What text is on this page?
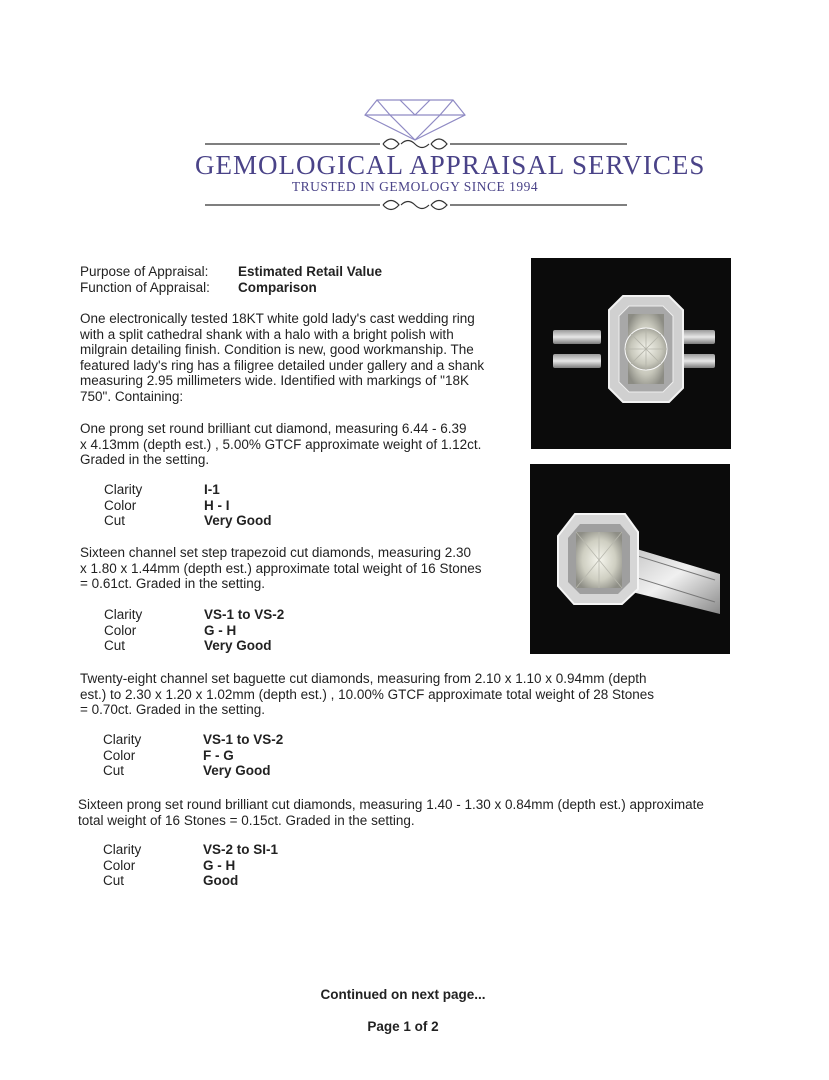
GEMOLOGICAL APPRAISAL SERVICES
TRUSTED IN GEMOLOGY SINCE 1994
Purpose of Appraisal:	Estimated Retail Value
Function of Appraisal:	Comparison
One electronically tested 18KT white gold lady's cast wedding ring
with a split cathedral shank with a halo with a bright polish with
milgrain detailing finish. Condition is new, good workmanship. The
featured lady's ring has a filigree detailed under gallery and a shank
measuring 2.95 millimeters wide. Identified with markings of "18K
750". Containing:
One prong set round brilliant cut diamond, measuring 6.44 - 6.39
x 4.13mm (depth est.) , 5.00% GTCF approximate weight of 1.12ct.
Graded in the setting.
Clarity	I-1
Color	H - I
Cut	Very Good
Sixteen channel set step trapezoid cut diamonds, measuring 2.30
x 1.80 x 1.44mm (depth est.) approximate total weight of 16 Stones
= 0.61ct. Graded in the setting.
Clarity	VS-1 to VS-2
Color	G - H
Cut	Very Good
Twenty-eight channel set baguette cut diamonds, measuring from 2.10 x 1.10 x 0.94mm (depth
est.) to 2.30 x 1.20 x 1.02mm (depth est.) , 10.00% GTCF approximate total weight of 28 Stones
= 0.70ct. Graded in the setting.
Clarity	VS-1 to VS-2
Color	F - G
Cut	Very Good
Sixteen prong set round brilliant cut diamonds, measuring 1.40 - 1.30 x 0.84mm (depth est.) approximate
total weight of 16 Stones = 0.15ct. Graded in the setting.
Clarity	VS-2 to SI-1
Color	G - H
Cut	Good
Continued on next page...
Page 1 of 2
